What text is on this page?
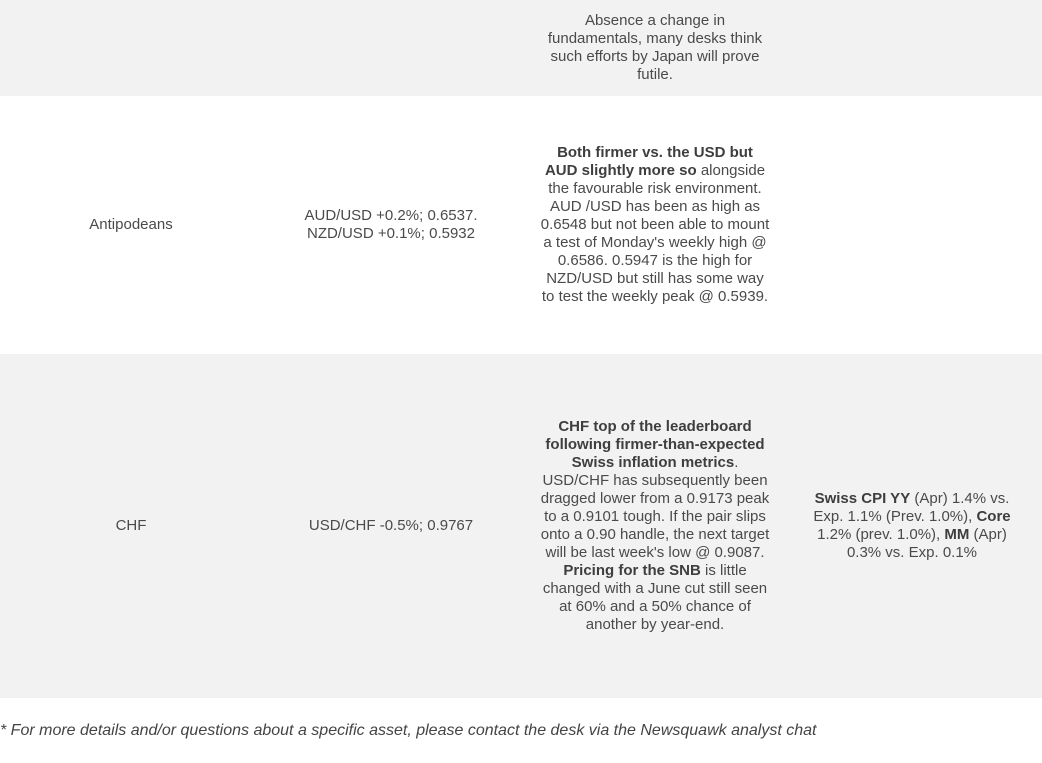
Absence a change in fundamentals, many desks think such efforts by Japan will prove futile.
Antipodeans
AUD/USD +0.2%; 0.6537.
NZD/USD +0.1%; 0.5932
Both firmer vs. the USD but AUD slightly more so alongside the favourable risk environment. AUD /USD has been as high as 0.6548 but not been able to mount a test of Monday's weekly high @ 0.6586. 0.5947 is the high for NZD/USD but still has some way to test the weekly peak @ 0.5939.
CHF	USD/CHF -0.5%; 0.9767
CHF top of the leaderboard following firmer-than-expected Swiss inflation metrics. USD/CHF has subsequently been dragged lower from a 0.9173 peak to a 0.9101 tough. If the pair slips onto a 0.90 handle, the next target will be last week's low @ 0.9087. Pricing for the SNB is little changed with a June cut still seen at 60% and a 50% chance of another by year-end.
Swiss CPI YY (Apr) 1.4% vs. Exp. 1.1% (Prev. 1.0%), Core 1.2% (prev. 1.0%), MM (Apr) 0.3% vs. Exp. 0.1%
* For more details and/or questions about a specific asset, please contact the desk via the Newsquawk analyst chat
